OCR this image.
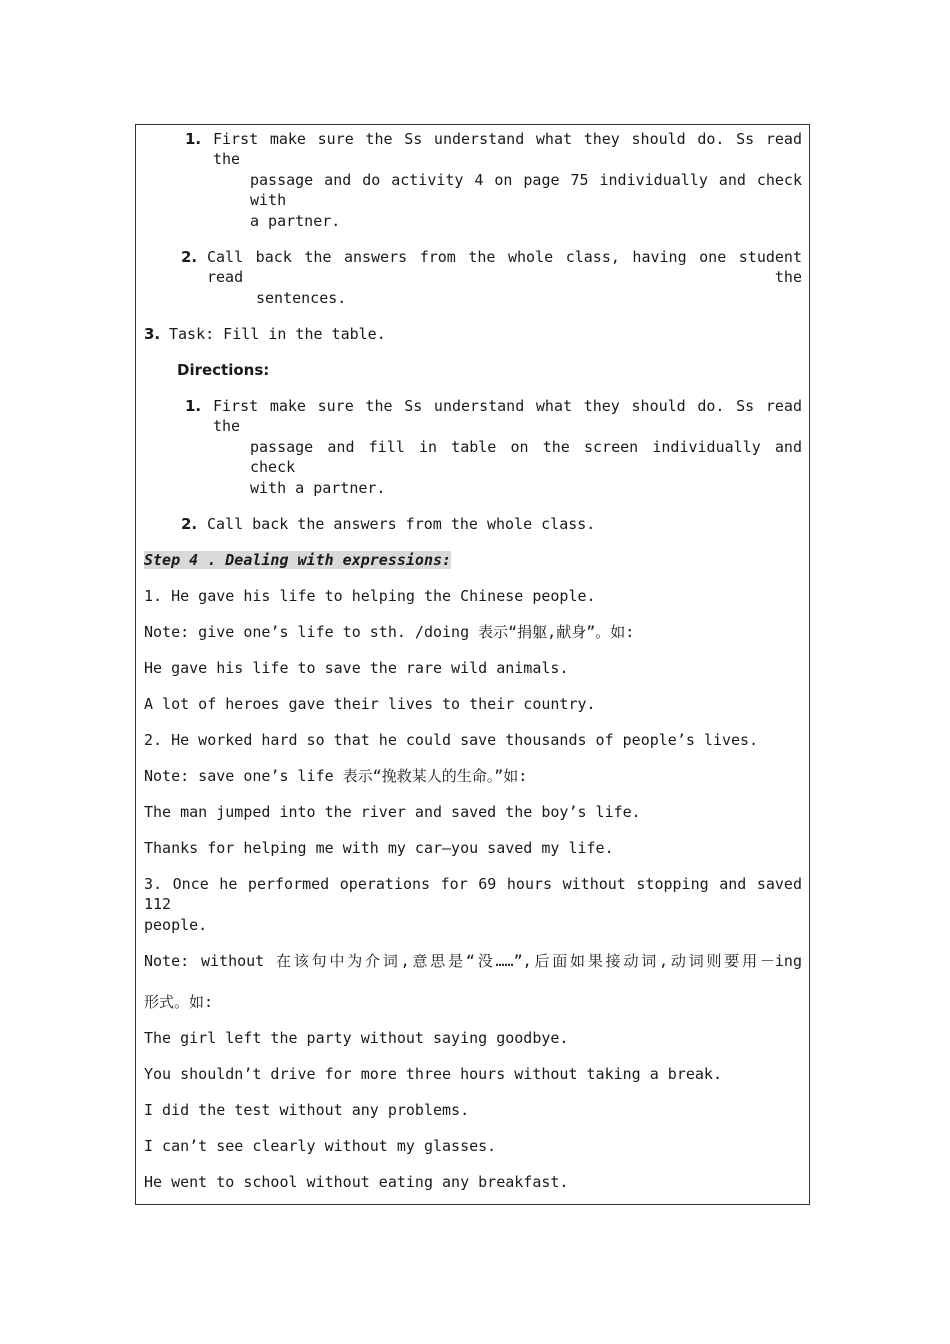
1. First make sure the Ss understand what they should do. Ss read the
passage and do activity 4 on page 75 individually and check with
a partner.
2. Call back the answers from the whole class, having one student read the
sentences.
3. Task: Fill in the table.
Directions:
1. First make sure the Ss understand what they should do. Ss read the
passage and fill in table on the screen individually and check
with a partner.
2. Call back the answers from the whole class.
Step 4 . Dealing with expressions:
1. He gave his life to helping the Chinese people.
Note: give one’s life to sth. /doing 表示“捐躯,献身”。如:
He gave his life to save the rare wild animals.
A lot of heroes gave their lives to their country.
2. He worked hard so that he could save thousands of people’s lives.
Note: save one’s life 表示“挽救某人的生命。”如:
The man jumped into the river and saved the boy’s life.
Thanks for helping me with my car—you saved my life.
3. Once he performed operations for 69 hours without stopping and saved 112
people.
Note: without 在该句中为介词,意思是“没……”,后面如果接动词,动词则要用－ing
形式。如:
The girl left the party without saying goodbye.
You shouldn’t drive for more three hours without taking a break.
I did the test without any problems.
I can’t see clearly without my glasses.
He went to school without eating any breakfast.
